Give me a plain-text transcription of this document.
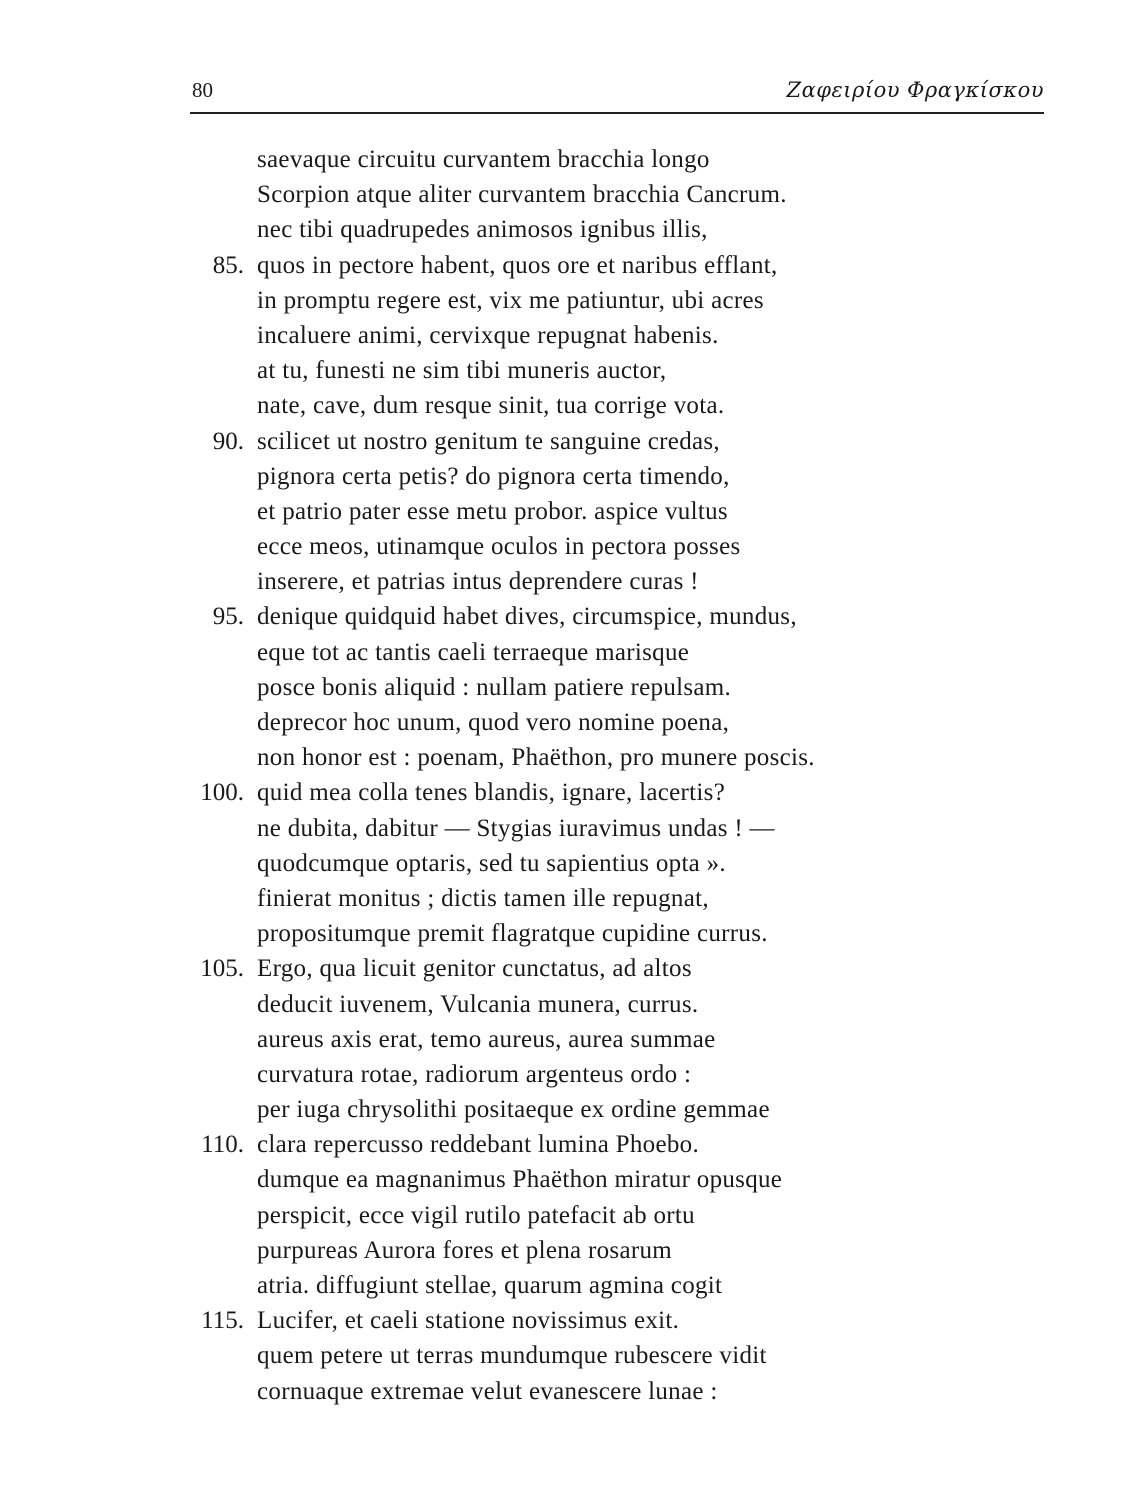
80	Ζαφειρίου Φραγκίσκου
saevaque circuitu curvantem bracchia longo
Scorpion atque aliter curvantem bracchia Cancrum.
nec tibi quadrupedes animosos ignibus illis,
85. quos in pectore habent, quos ore et naribus efflant,
in promptu regere est, vix me patiuntur, ubi acres
incaluere animi, cervixque repugnat habenis.
at tu, funesti ne sim tibi muneris auctor,
nate, cave, dum resque sinit, tua corrige vota.
90. scilicet ut nostro genitum te sanguine credas,
pignora certa petis? do pignora certa timendo,
et patrio pater esse metu probor. aspice vultus
ecce meos, utinamque oculos in pectora posses
inserere, et patrias intus deprendere curas !
95. denique quidquid habet dives, circumspice, mundus,
eque tot ac tantis caeli terraeque marisque
posce bonis aliquid : nullam patiere repulsam.
deprecor hoc unum, quod vero nomine poena,
non honor est : poenam, Phaëthon, pro munere poscis.
100. quid mea colla tenes blandis, ignare, lacertis?
ne dubita, dabitur — Stygias iuravimus undas ! —
quodcumque optaris, sed tu sapientius opta ».
finierat monitus ; dictis tamen ille repugnat,
propositumque premit flagratque cupidine currus.
105. Ergo, qua licuit genitor cunctatus, ad altos
deducit iuvenem, Vulcania munera, currus.
aureus axis erat, temo aureus, aurea summae
curvatura rotae, radiorum argenteus ordo :
per iuga chrysolithi positaeque ex ordine gemmae
110. clara repercusso reddebant lumina Phoebo.
dumque ea magnanimus Phaëthon miratur opusque
perspicit, ecce vigil rutilo patefacit ab ortu
purpureas Aurora fores et plena rosarum
atria. diffugiunt stellae, quarum agmina cogit
115. Lucifer, et caeli statione novissimus exit.
quem petere ut terras mundumque rubescere vidit
cornuaque extremae velut evanescere lunae :
